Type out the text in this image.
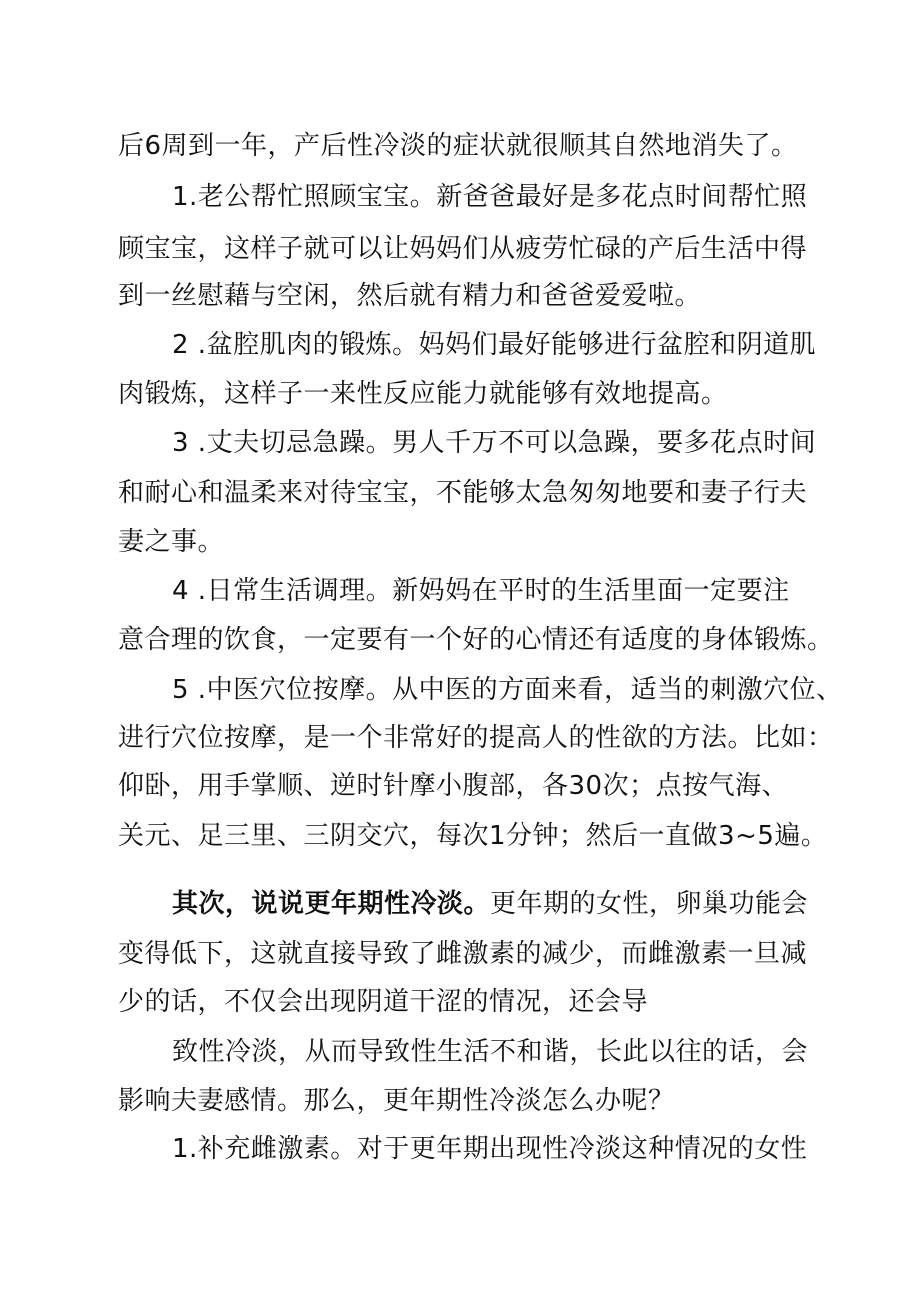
后6周到一年，产后性冷淡的症状就很顺其自然地消失了。
1.老公帮忙照顾宝宝。新爸爸最好是多花点时间帮忙照
顾宝宝，这样子就可以让妈妈们从疲劳忙碌的产后生活中得
到一丝慰藉与空闲，然后就有精力和爸爸爱爱啦。
2 .盆腔肌肉的锻炼。妈妈们最好能够进行盆腔和阴道肌
肉锻炼，这样子一来性反应能力就能够有效地提高。
3 .丈夫切忌急躁。男人千万不可以急躁，要多花点时间
和耐心和温柔来对待宝宝，不能够太急匆匆地要和妻子行夫
妻之事。
4 .日常生活调理。新妈妈在平时的生活里面一定要注
意合理的饮食，一定要有一个好的心情还有适度的身体锻炼。
5 .中医穴位按摩。从中医的方面来看，适当的刺激穴位、
进行穴位按摩，是一个非常好的提高人的性欲的方法。比如：
仰卧，用手掌顺、逆时针摩小腹部，各30次；点按气海、
关元、足三里、三阴交穴，每次1分钟；然后一直做3~5遍。
其次，说说更年期性冷淡。更年期的女性，卵巢功能会
变得低下，这就直接导致了雌激素的减少，而雌激素一旦减
少的话，不仅会出现阴道干涩的情况，还会导
致性冷淡，从而导致性生活不和谐，长此以往的话，会
影响夫妻感情。那么，更年期性冷淡怎么办呢？
1.补充雌激素。对于更年期出现性冷淡这种情况的女性
